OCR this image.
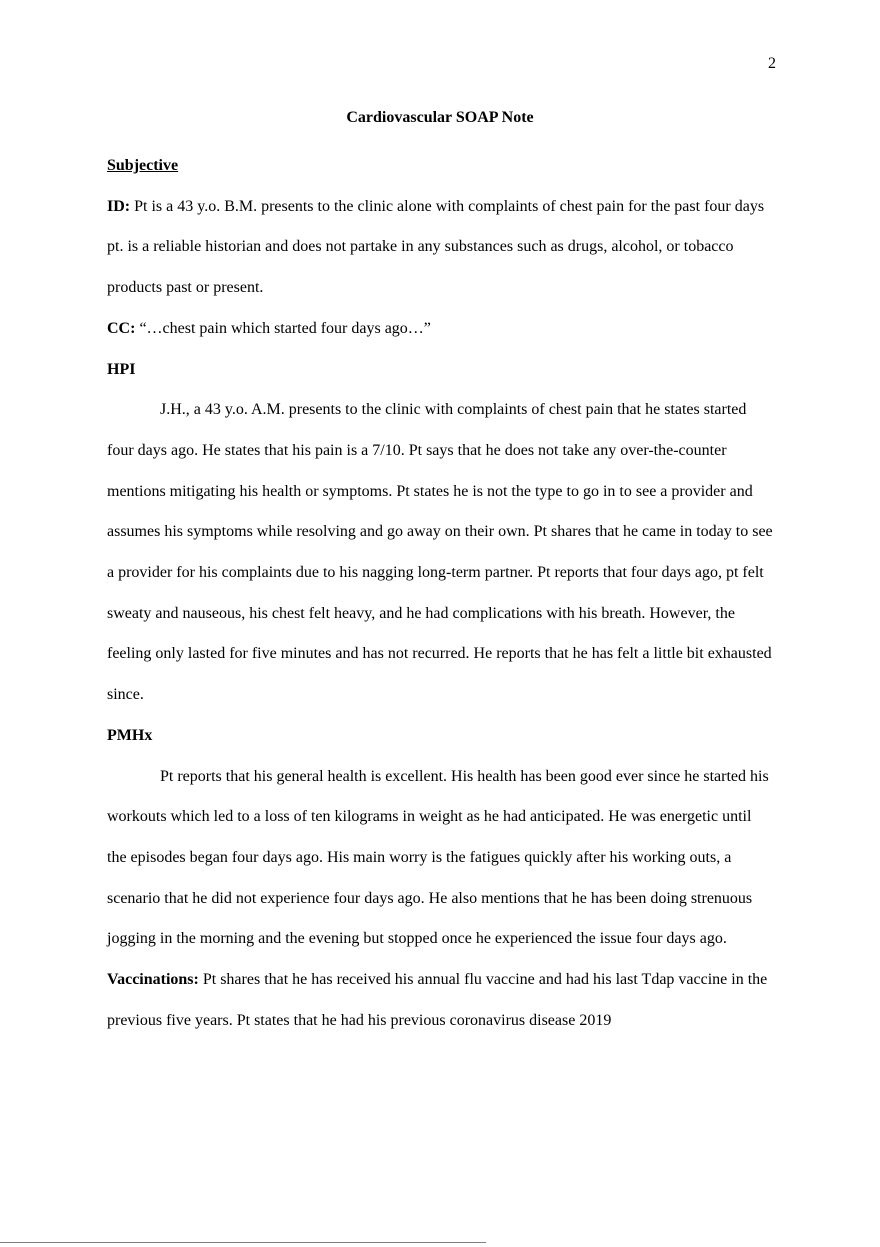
2

Cardiovascular SOAP Note

Subjective

ID: Pt is a 43 y.o. B.M. presents to the clinic alone with complaints of chest pain for the past four days pt. is a reliable historian and does not partake in any substances such as drugs, alcohol, or tobacco products past or present.

CC: “…chest pain which started four days ago…”

HPI

J.H., a 43 y.o. A.M. presents to the clinic with complaints of chest pain that he states started four days ago. He states that his pain is a 7/10. Pt says that he does not take any over-the-counter mentions mitigating his health or symptoms. Pt states he is not the type to go in to see a provider and assumes his symptoms while resolving and go away on their own. Pt shares that he came in today to see a provider for his complaints due to his nagging long-term partner. Pt reports that four days ago, pt felt sweaty and nauseous, his chest felt heavy, and he had complications with his breath. However, the feeling only lasted for five minutes and has not recurred. He reports that he has felt a little bit exhausted since.

PMHx

Pt reports that his general health is excellent. His health has been good ever since he started his workouts which led to a loss of ten kilograms in weight as he had anticipated. He was energetic until the episodes began four days ago. His main worry is the fatigues quickly after his working outs, a scenario that he did not experience four days ago. He also mentions that he has been doing strenuous jogging in the morning and the evening but stopped once he experienced the issue four days ago.

Vaccinations: Pt shares that he has received his annual flu vaccine and had his last Tdap vaccine in the previous five years. Pt states that he had his previous coronavirus disease 2019
